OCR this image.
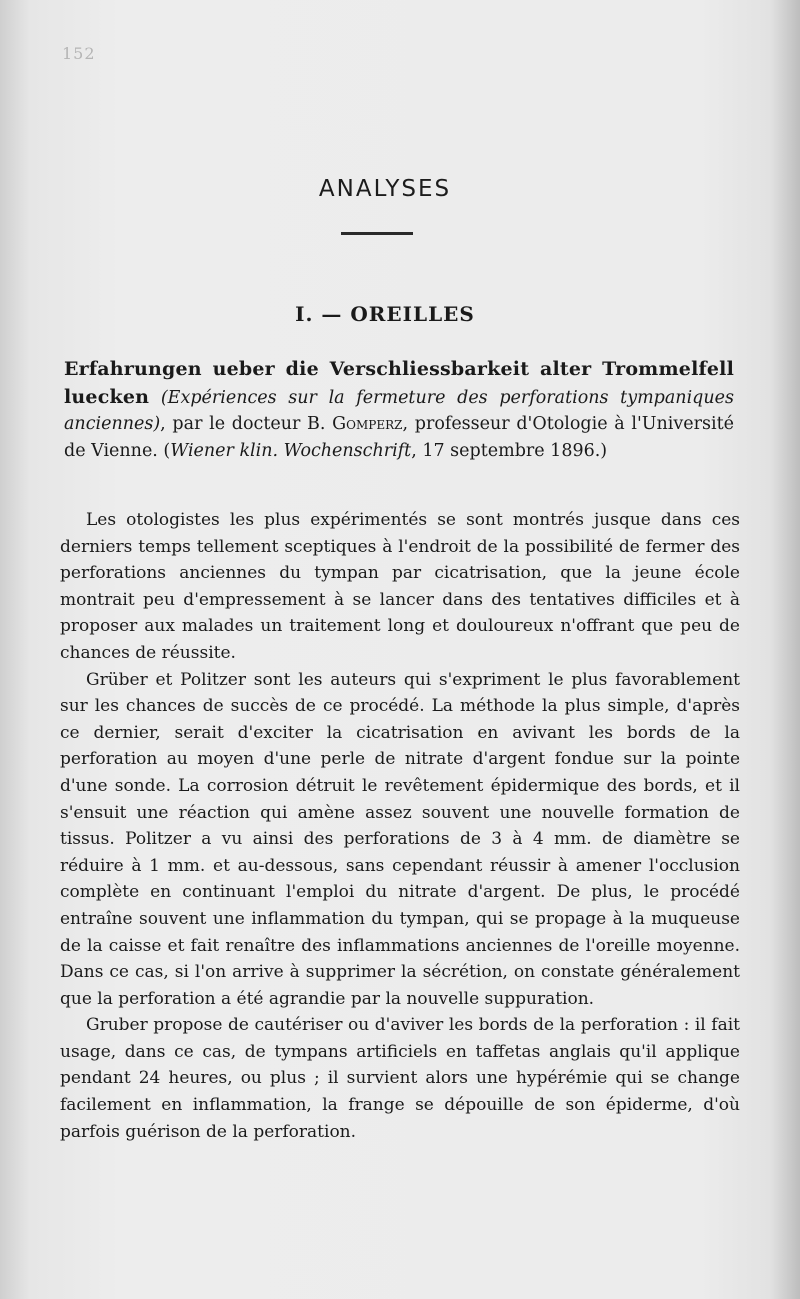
152
ANALYSES
I. — OREILLES
Erfahrungen ueber die Verschliessbarkeit alter Trommelfell luecken (Expériences sur la fermeture des perforations tympaniques anciennes), par le docteur B. Gomperz, professeur d'Otologie à l'Université de Vienne. (Wiener klin. Wochenschrift, 17 septembre 1896.)

Les otologistes les plus expérimentés se sont montrés jusque dans ces derniers temps tellement sceptiques à l'endroit de la possibilité de fermer des perforations anciennes du tympan par cicatrisation, que la jeune école montrait peu d'empressement à se lancer dans des tentatives difficiles et à proposer aux malades un traitement long et douloureux n'offrant que peu de chances de réussite.

Grüber et Politzer sont les auteurs qui s'expriment le plus favorablement sur les chances de succès de ce procédé. La méthode la plus simple, d'après ce dernier, serait d'exciter la cicatrisation en avivant les bords de la perforation au moyen d'une perle de nitrate d'argent fondue sur la pointe d'une sonde. La corrosion détruit le revêtement épidermique des bords, et il s'ensuit une réaction qui amène assez souvent une nouvelle formation de tissus. Politzer a vu ainsi des perforations de 3 à 4 mm. de diamètre se réduire à 1 mm. et au-dessous, sans cependant réussir à amener l'occlusion complète en continuant l'emploi du nitrate d'argent. De plus, le procédé entraîne souvent une inflammation du tympan, qui se propage à la muqueuse de la caisse et fait renaître des inflammations anciennes de l'oreille moyenne. Dans ce cas, si l'on arrive à supprimer la sécrétion, on constate généralement que la perforation a été agrandie par la nouvelle suppuration.

Gruber propose de cautériser ou d'aviver les bords de la perforation : il fait usage, dans ce cas, de tympans artificiels en taffetas anglais qu'il applique pendant 24 heures, ou plus ; il survient alors une hypérémie qui se change facilement en inflammation, la frange se dépouille de son épiderme, d'où parfois guérison de la perforation.
